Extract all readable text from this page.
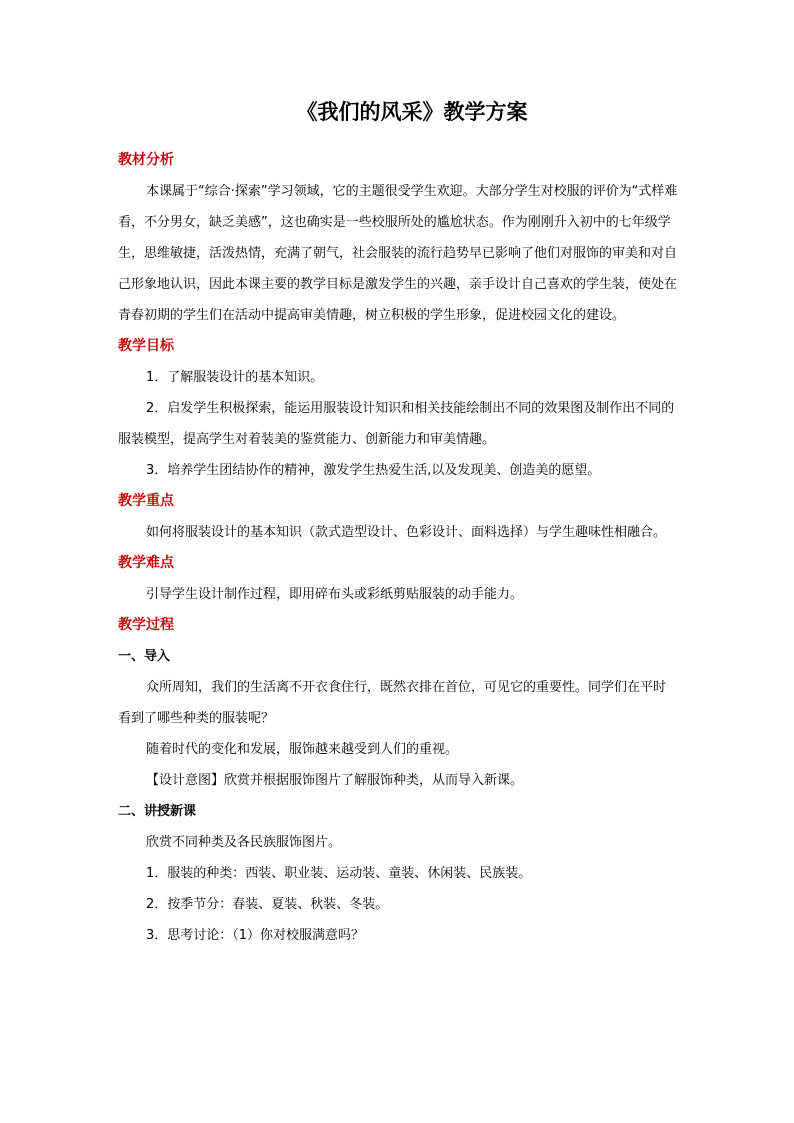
《我们的风采》教学方案

教材分析

本课属于“综合·探索”学习领域，它的主题很受学生欢迎。大部分学生对校服的评价为“式样难看，不分男女，缺乏美感”，这也确实是一些校服所处的尴尬状态。作为刚刚升入初中的七年级学生，思维敏捷，活泼热情，充满了朝气，社会服装的流行趋势早已影响了他们对服饰的审美和对自己形象地认识，因此本课主要的教学目标是激发学生的兴趣，亲手设计自己喜欢的学生装，使处在青春初期的学生们在活动中提高审美情趣，树立积极的学生形象，促进校园文化的建设。

教学目标

1．了解服装设计的基本知识。

2．启发学生积极探索，能运用服装设计知识和相关技能绘制出不同的效果图及制作出不同的服装模型，提高学生对着装美的鉴赏能力、创新能力和审美情趣。

3．培养学生团结协作的精神，激发学生热爱生活,以及发现美、创造美的愿望。

教学重点

如何将服装设计的基本知识（款式造型设计、色彩设计、面料选择）与学生趣味性相融合。

教学难点

引导学生设计制作过程，即用碎布头或彩纸剪贴服装的动手能力。

教学过程

一、导入

众所周知，我们的生活离不开衣食住行，既然衣排在首位，可见它的重要性。同学们在平时看到了哪些种类的服装呢？

随着时代的变化和发展，服饰越来越受到人们的重视。

【设计意图】欣赏并根据服饰图片了解服饰种类，从而导入新课。

二、讲授新课

欣赏不同种类及各民族服饰图片。

1．服装的种类：西装、职业装、运动装、童装、休闲装、民族装。

2．按季节分：春装、夏装、秋装、冬装。

3．思考讨论：（1）你对校服满意吗？
